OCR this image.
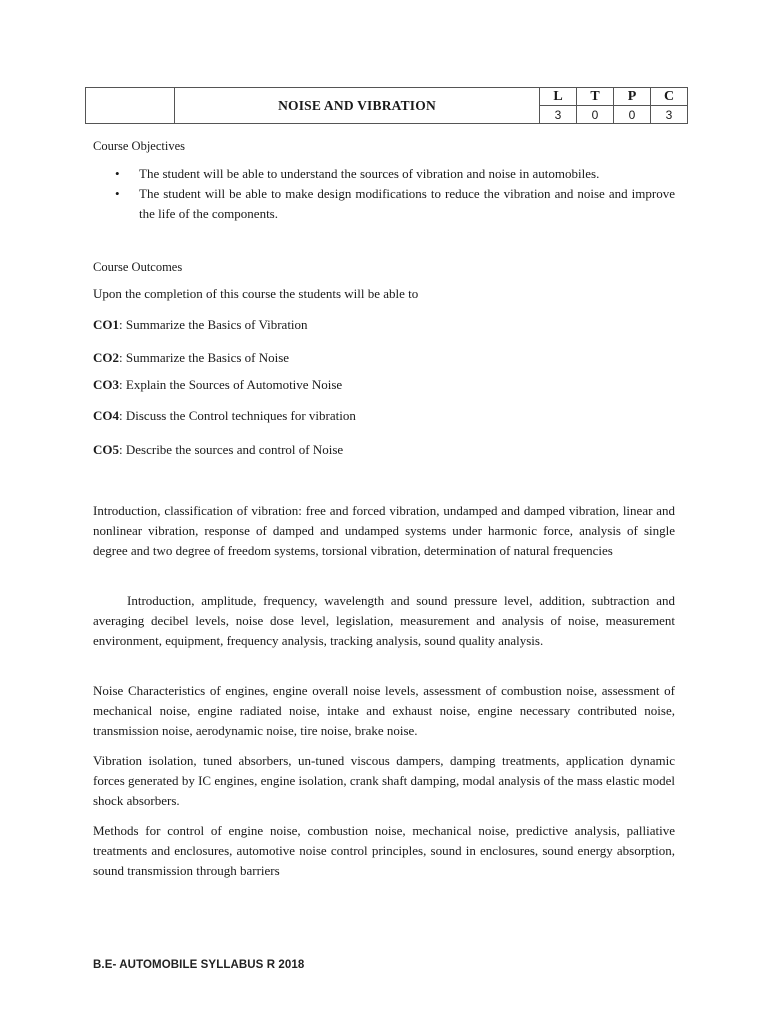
	NOISE AND VIBRATION	L	T	P	C
		3	0	0	3

Course Objectives

• The student will be able to understand the sources of vibration and noise in automobiles.
• The student will be able to make design modifications to reduce the vibration and noise and improve the life of the components.

Course Outcomes

Upon the completion of this course the students will be able to

CO1: Summarize the Basics of Vibration

CO2: Summarize the Basics of Noise

CO3: Explain the Sources of Automotive Noise

CO4: Discuss the Control techniques for vibration

CO5: Describe the sources and control of Noise

Introduction, classification of vibration: free and forced vibration, undamped and damped vibration, linear and nonlinear vibration, response of damped and undamped systems under harmonic force, analysis of single degree and two degree of freedom systems, torsional vibration, determination of natural frequencies

Introduction, amplitude, frequency, wavelength and sound pressure level, addition, subtraction and averaging decibel levels, noise dose level, legislation, measurement and analysis of noise, measurement environment, equipment, frequency analysis, tracking analysis, sound quality analysis.

Noise Characteristics of engines, engine overall noise levels, assessment of combustion noise, assessment of mechanical noise, engine radiated noise, intake and exhaust noise, engine necessary contributed noise, transmission noise, aerodynamic noise, tire noise, brake noise.

Vibration isolation, tuned absorbers, un-tuned viscous dampers, damping treatments, application dynamic forces generated by IC engines, engine isolation, crank shaft damping, modal analysis of the mass elastic model shock absorbers.

Methods for control of engine noise, combustion noise, mechanical noise, predictive analysis, palliative treatments and enclosures, automotive noise control principles, sound in enclosures, sound energy absorption, sound transmission through barriers

B.E- AUTOMOBILE SYLLABUS R 2018
